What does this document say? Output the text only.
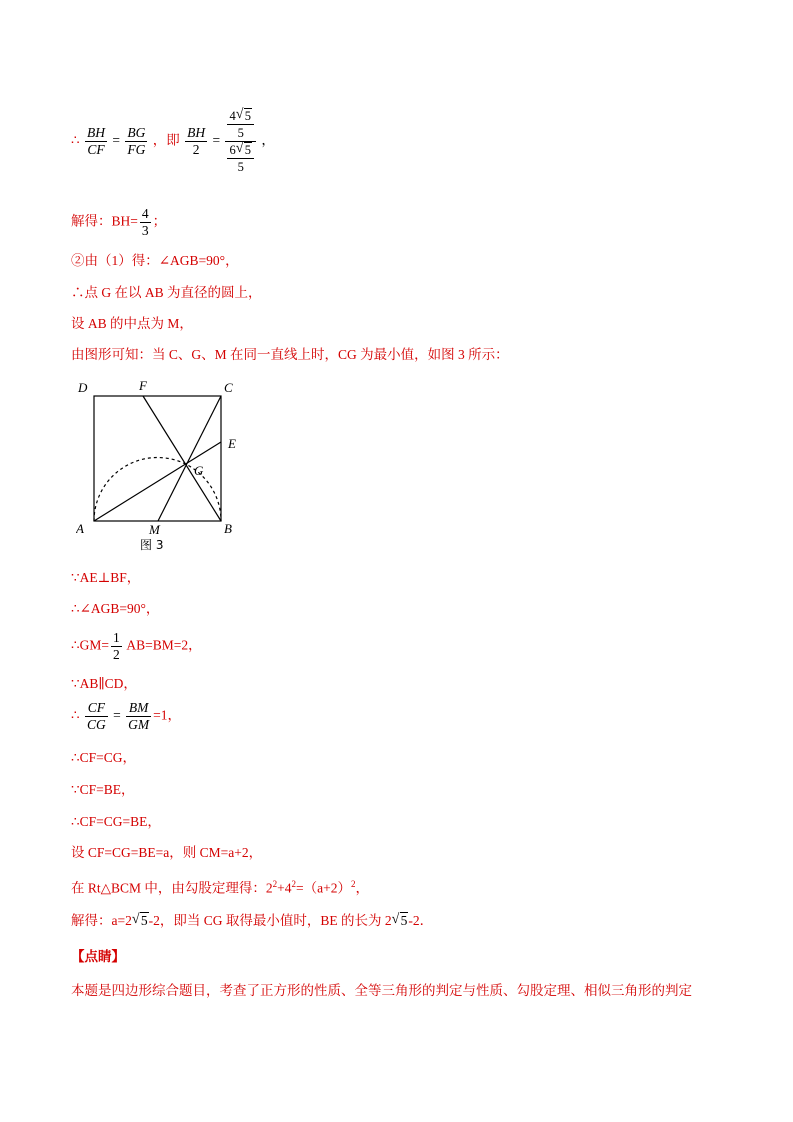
∴ $\frac{BH}{CF} = \frac{BG}{FG}$ ，即 $\frac{BH}{2} = \frac{\frac{4 √ 5}{5}}{\frac{6 √ 5}{5}}$ ，
解得：$BH= \frac{4}{3}$ ；
②由（1）得：∠AGB=90°，
∴点 G 在以 AB 为直径的圆上，
设 AB 的中点为 M，
由图形可知：当 C、G、M 在同一直线上时，CG 为最小值，如图 3 所示：
D	F	C
E
G
A	M	B
图 3
∵AE⊥BF，
∴∠AGB=90°，
∴GM= $\frac{1}{2} AB=BM=2$，
∵AB∥CD，
∴ $\frac{CF}{CG} = \frac{BM}{GM} =1$，
∴CF=CG，
∵CF=BE，
∴CF=CG=BE，
设 CF=CG=BE=a，则 CM=a+2，
在 Rt△BCM 中，由勾股定理得：$2^2+4^2=(a+2)^2$，
解得：a=2 √ 5-2，即当 CG 取得最小值时，BE 的长为 2 √ 5-2．
【点睛】
本题是四边形综合题目，考查了正方形的性质、全等三角形的判定与性质、勾股定理、相似三角形的判定
